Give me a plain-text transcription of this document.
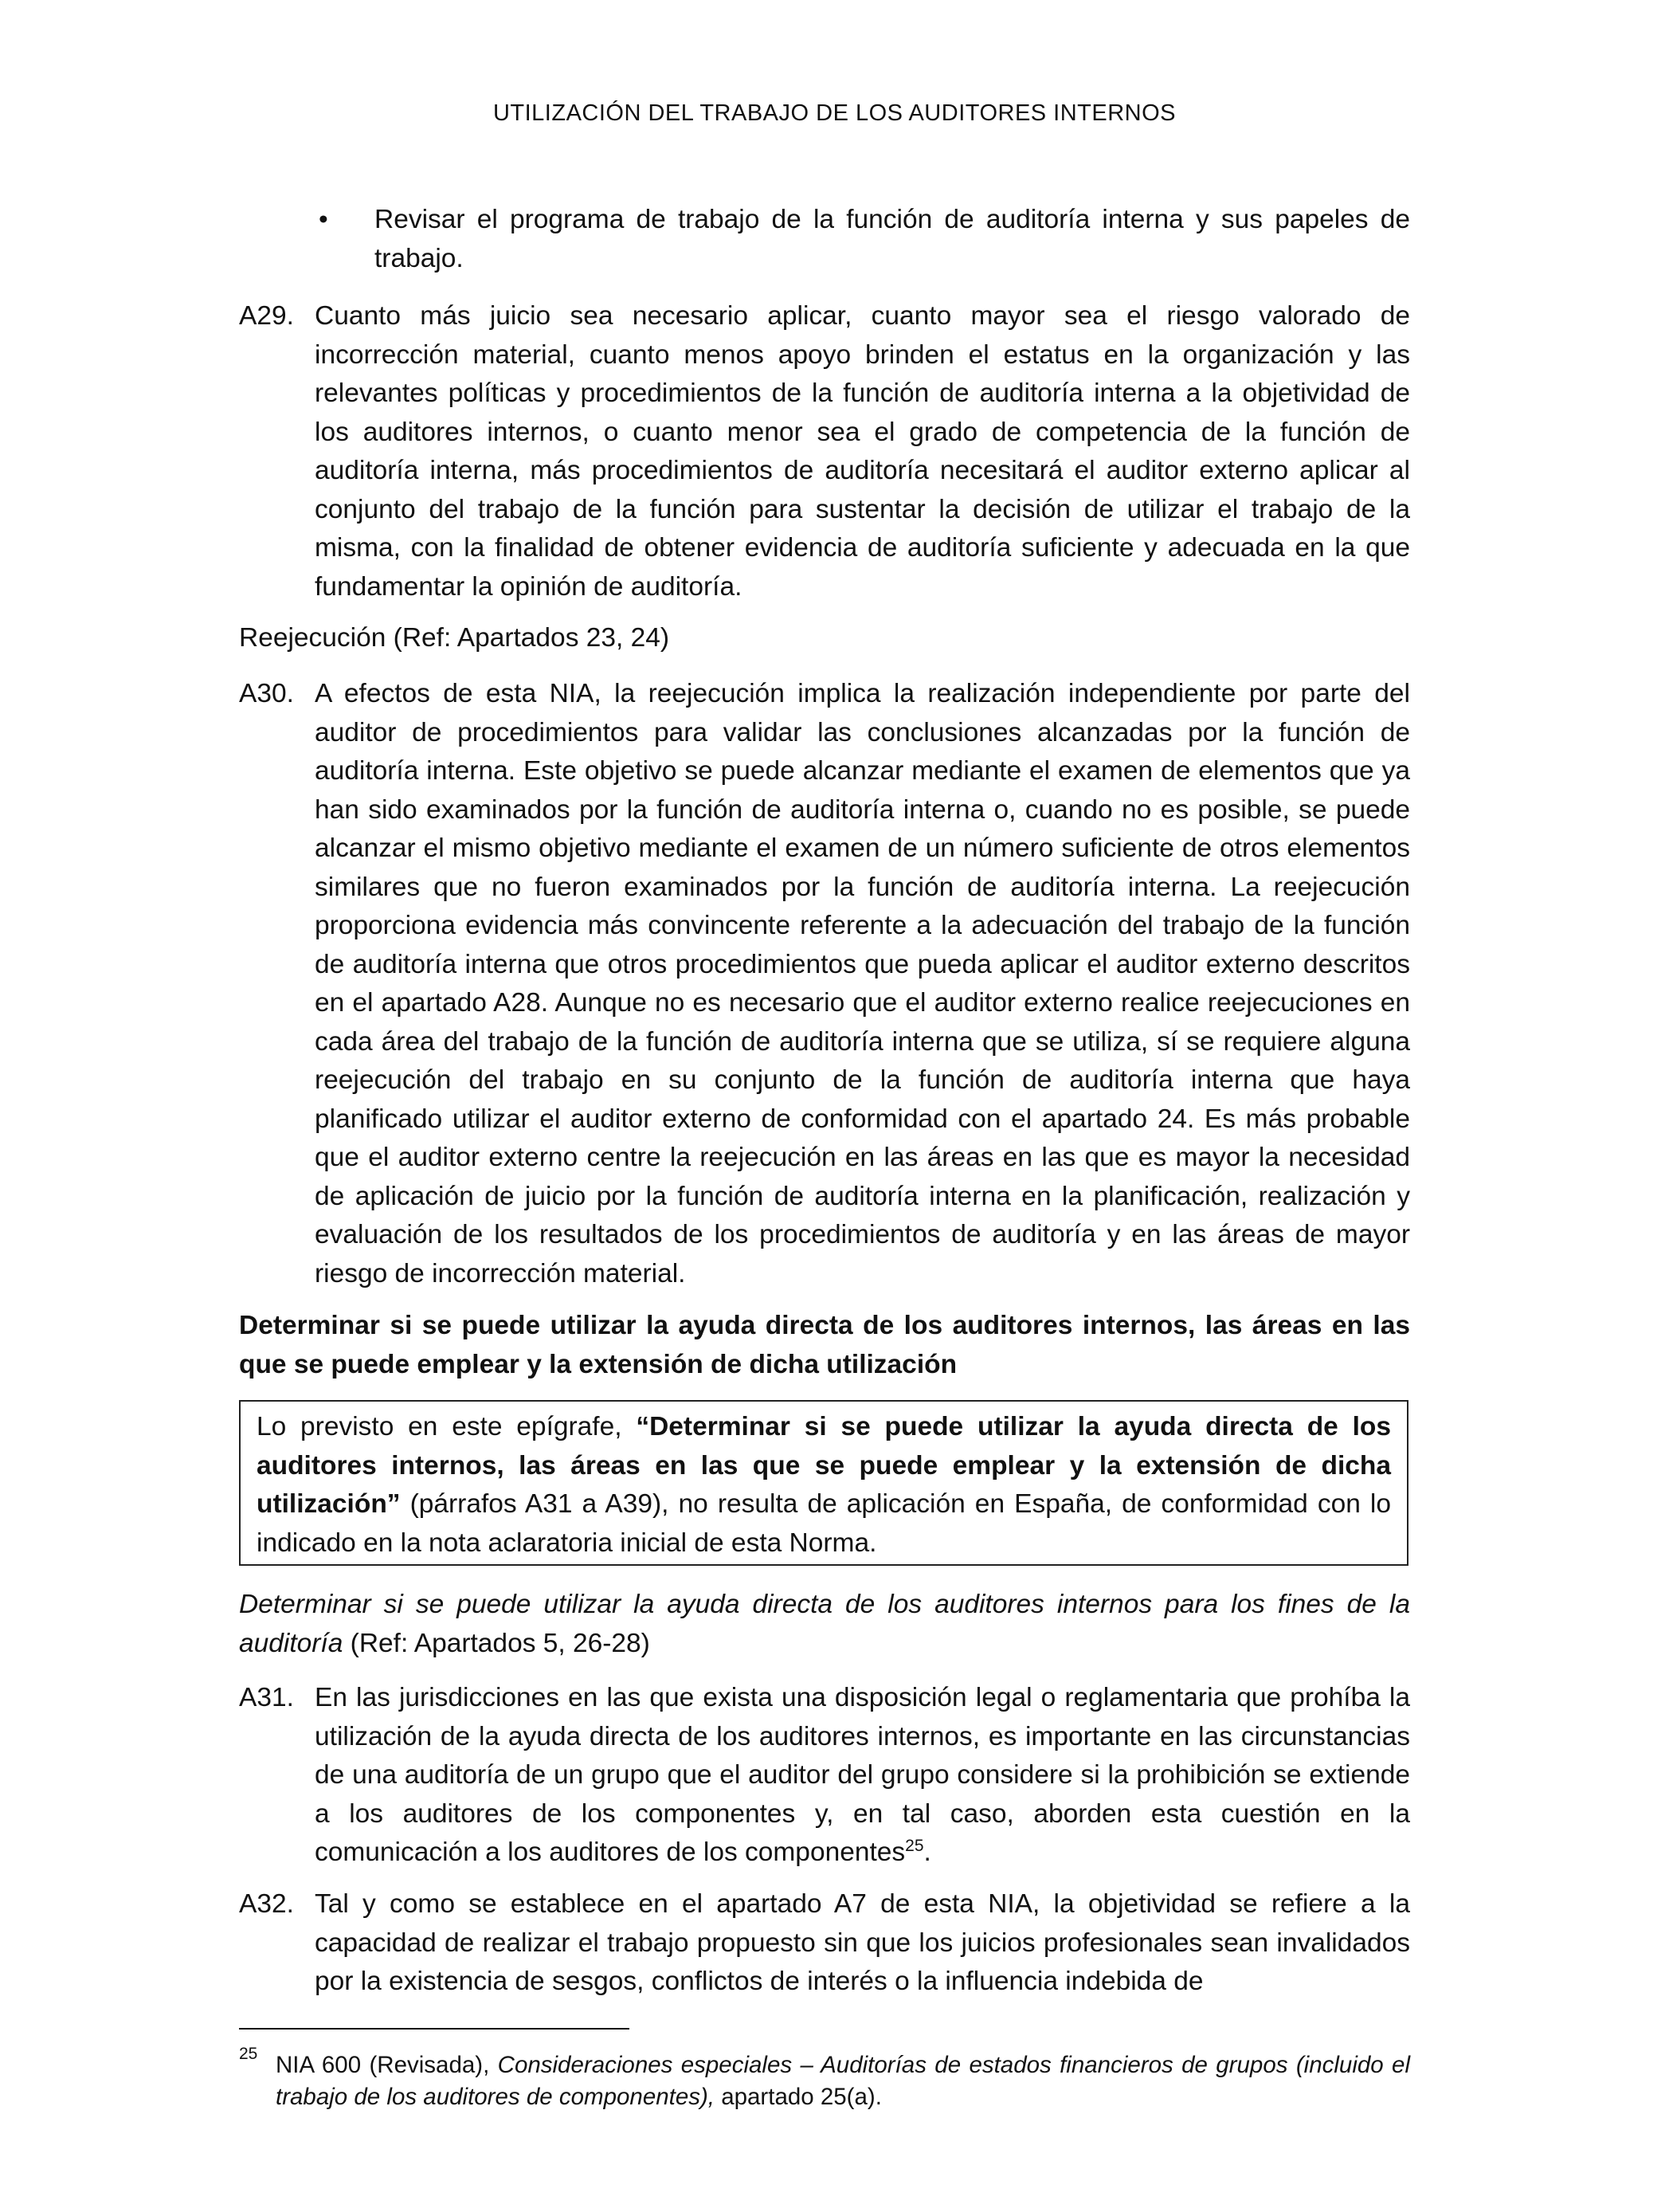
UTILIZACIÓN DEL TRABAJO DE LOS AUDITORES INTERNOS
• Revisar el programa de trabajo de la función de auditoría interna y sus papeles de trabajo.
A29. Cuanto más juicio sea necesario aplicar, cuanto mayor sea el riesgo valorado de incorrección material, cuanto menos apoyo brinden el estatus en la organización y las relevantes políticas y procedimientos de la función de auditoría interna a la objetividad de los auditores internos, o cuanto menor sea el grado de competencia de la función de auditoría interna, más procedimientos de auditoría necesitará el auditor externo aplicar al conjunto del trabajo de la función para sustentar la decisión de utilizar el trabajo de la misma, con la finalidad de obtener evidencia de auditoría suficiente y adecuada en la que fundamentar la opinión de auditoría.
Reejecución (Ref: Apartados 23, 24)
A30. A efectos de esta NIA, la reejecución implica la realización independiente por parte del auditor de procedimientos para validar las conclusiones alcanzadas por la función de auditoría interna. Este objetivo se puede alcanzar mediante el examen de elementos que ya han sido examinados por la función de auditoría interna o, cuando no es posible, se puede alcanzar el mismo objetivo mediante el examen de un número suficiente de otros elementos similares que no fueron examinados por la función de auditoría interna. La reejecución proporciona evidencia más convincente referente a la adecuación del trabajo de la función de auditoría interna que otros procedimientos que pueda aplicar el auditor externo descritos en el apartado A28. Aunque no es necesario que el auditor externo realice reejecuciones en cada área del trabajo de la función de auditoría interna que se utiliza, sí se requiere alguna reejecución del trabajo en su conjunto de la función de auditoría interna que haya planificado utilizar el auditor externo de conformidad con el apartado 24. Es más probable que el auditor externo centre la reejecución en las áreas en las que es mayor la necesidad de aplicación de juicio por la función de auditoría interna en la planificación, realización y evaluación de los resultados de los procedimientos de auditoría y en las áreas de mayor riesgo de incorrección material.
Determinar si se puede utilizar la ayuda directa de los auditores internos, las áreas en las que se puede emplear y la extensión de dicha utilización
Lo previsto en este epígrafe, “Determinar si se puede utilizar la ayuda directa de los auditores internos, las áreas en las que se puede emplear y la extensión de dicha utilización” (párrafos A31 a A39), no resulta de aplicación en España, de conformidad con lo indicado en la nota aclaratoria inicial de esta Norma.
Determinar si se puede utilizar la ayuda directa de los auditores internos para los fines de la auditoría (Ref: Apartados 5, 26-28)
A31. En las jurisdicciones en las que exista una disposición legal o reglamentaria que prohíba la utilización de la ayuda directa de los auditores internos, es importante en las circunstancias de una auditoría de un grupo que el auditor del grupo considere si la prohibición se extiende a los auditores de los componentes y, en tal caso, aborden esta cuestión en la comunicación a los auditores de los componentes$^{25}$.
A32. Tal y como se establece en el apartado A7 de esta NIA, la objetividad se refiere a la capacidad de realizar el trabajo propuesto sin que los juicios profesionales sean invalidados por la existencia de sesgos, conflictos de interés o la influencia indebida de
25 NIA 600 (Revisada), Consideraciones especiales – Auditorías de estados financieros de grupos (incluido el trabajo de los auditores de componentes), apartado 25(a).
